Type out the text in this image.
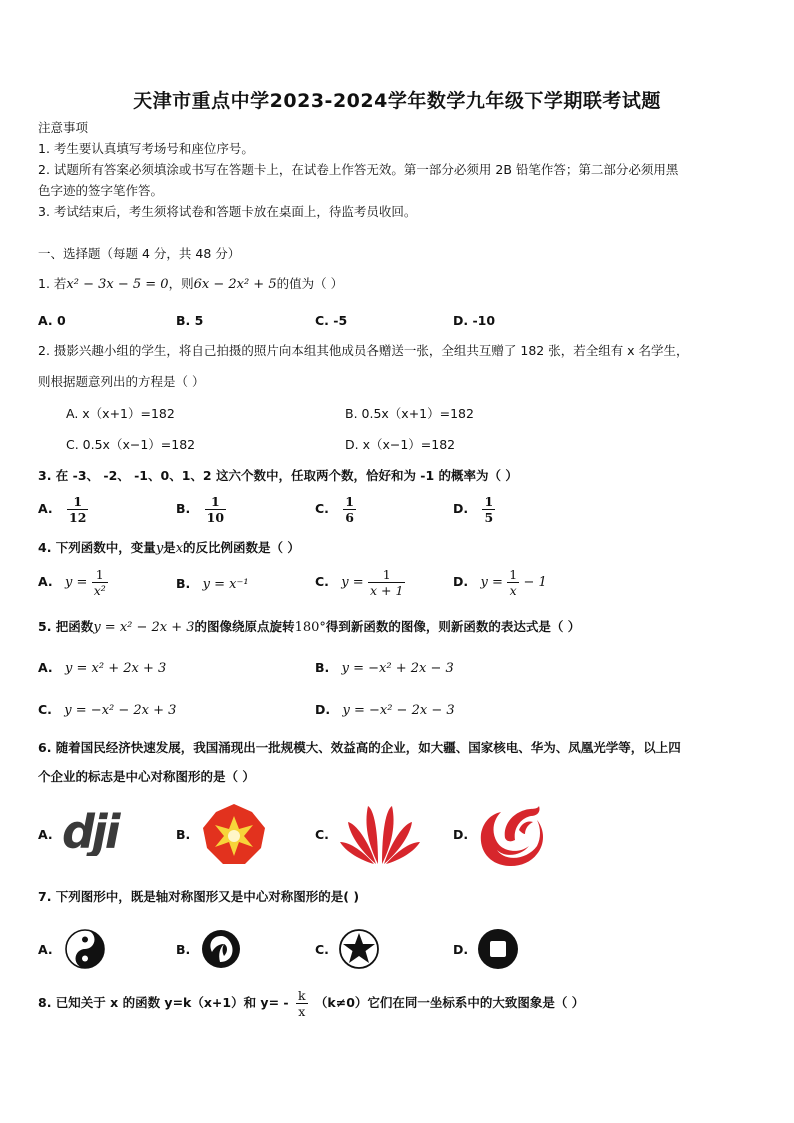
天津市重点中学2023-2024学年数学九年级下学期联考试题
注意事项
1. 考生要认真填写考场号和座位序号。
2. 试题所有答案必须填涂或书写在答题卡上，在试卷上作答无效。第一部分必须用 2B 铅笔作答；第二部分必须用黑
色字迹的签字笔作答。
3. 考试结束后，考生须将试卷和答题卡放在桌面上，待监考员收回。
一、选择题（每题 4 分，共 48 分）
1. 若x² − 3x − 5 = 0，则6x − 2x² + 5的值为（ ）
A. 0	B. 5	C. -5	D. -10
2. 摄影兴趣小组的学生，将自己拍摄的照片向本组其他成员各赠送一张，全组共互赠了 182 张，若全组有 x 名学生，
则根据题意列出的方程是（ ）
A. x（x+1）=182	B. 0.5x（x+1）=182
C. 0.5x（x−1）=182	D. x（x−1）=182
3. 在 -3、 -2、 -1、0、1、2 这六个数中，任取两个数，恰好和为 -1 的概率为（ ）
A. $\frac{1}{12}$	B. $\frac{1}{10}$	C. $\frac{1}{6}$	D. $\frac{1}{5}$
4. 下列函数中，变量y是x的反比例函数是（ ）
A. $y = \frac{1}{\text{x²}}$	B. y = x⁻¹	C. $y = \frac{1}{x + 1}$	D. $y = \frac{1}{x} - 1$
5. 把函数y = x² − 2x + 3的图像绕原点旋转180°得到新函数的图像，则新函数的表达式是（ ）
A. y = x² + 2x + 3	B. y = −x² + 2x − 3
C. y = −x² − 2x + 3	D. y = −x² − 2x − 3
6. 随着国民经济快速发展，我国涌现出一批规模大、效益高的企业，如大疆、国家核电、华为、凤凰光学等，以上四
个企业的标志是中心对称图形的是（ ）
A. dji	B.	C.	D.
7. 下列图形中，既是轴对称图形又是中心对称图形的是( )
A.	B.	C.	D.
8. 已知关于 x 的函数 y=k（x+1）和 $y= - \frac{k}{x} (k\ne 0)$它们在同一坐标系中的大致图象是（ ）
